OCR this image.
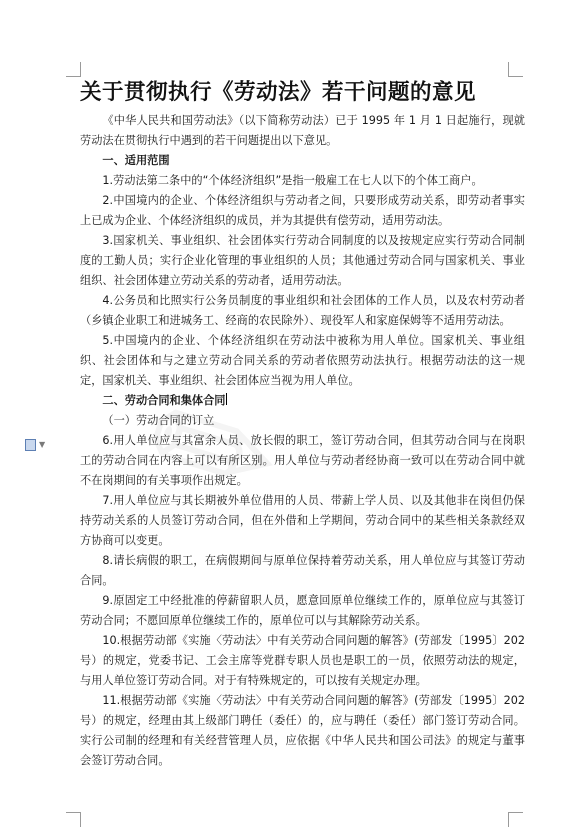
▼
关于贯彻执行《劳动法》若干问题的意见

《中华人民共和国劳动法》（以下简称劳动法）已于 1995 年 1 月 1 日起施行，现就劳动法在贯彻执行中遇到的若干问题提出以下意见。

一、适用范围

1.劳动法第二条中的“个体经济组织”是指一般雇工在七人以下的个体工商户。

2.中国境内的企业、个体经济组织与劳动者之间，只要形成劳动关系，即劳动者事实上已成为企业、个体经济组织的成员，并为其提供有偿劳动，适用劳动法。

3.国家机关、事业组织、社会团体实行劳动合同制度的以及按规定应实行劳动合同制度的工勤人员；实行企业化管理的事业组织的人员；其他通过劳动合同与国家机关、事业组织、社会团体建立劳动关系的劳动者，适用劳动法。

4.公务员和比照实行公务员制度的事业组织和社会团体的工作人员，以及农村劳动者（乡镇企业职工和进城务工、经商的农民除外）、现役军人和家庭保姆等不适用劳动法。

5.中国境内的企业、个体经济组织在劳动法中被称为用人单位。国家机关、事业组织、社会团体和与之建立劳动合同关系的劳动者依照劳动法执行。根据劳动法的这一规定，国家机关、事业组织、社会团体应当视为用人单位。

二、劳动合同和集体合同

（一）劳动合同的订立

6.用人单位应与其富余人员、放长假的职工，签订劳动合同，但其劳动合同与在岗职工的劳动合同在内容上可以有所区别。用人单位与劳动者经协商一致可以在劳动合同中就不在岗期间的有关事项作出规定。

7.用人单位应与其长期被外单位借用的人员、带薪上学人员、以及其他非在岗但仍保持劳动关系的人员签订劳动合同，但在外借和上学期间，劳动合同中的某些相关条款经双方协商可以变更。

8.请长病假的职工，在病假期间与原单位保持着劳动关系，用人单位应与其签订劳动合同。

9.原固定工中经批准的停薪留职人员，愿意回原单位继续工作的，原单位应与其签订劳动合同；不愿回原单位继续工作的，原单位可以与其解除劳动关系。

10.根据劳动部《实施〈劳动法〉中有关劳动合同问题的解答》(劳部发〔1995〕202 号）的规定，党委书记、工会主席等党群专职人员也是职工的一员，依照劳动法的规定，与用人单位签订劳动合同。对于有特殊规定的，可以按有关规定办理。

11.根据劳动部《实施〈劳动法〉中有关劳动合同问题的解答》(劳部发〔1995〕202 号）的规定，经理由其上级部门聘任（委任）的，应与聘任（委任）部门签订劳动合同。实行公司制的经理和有关经营管理人员，应依据《中华人民共和国公司法》的规定与董事会签订劳动合同。
